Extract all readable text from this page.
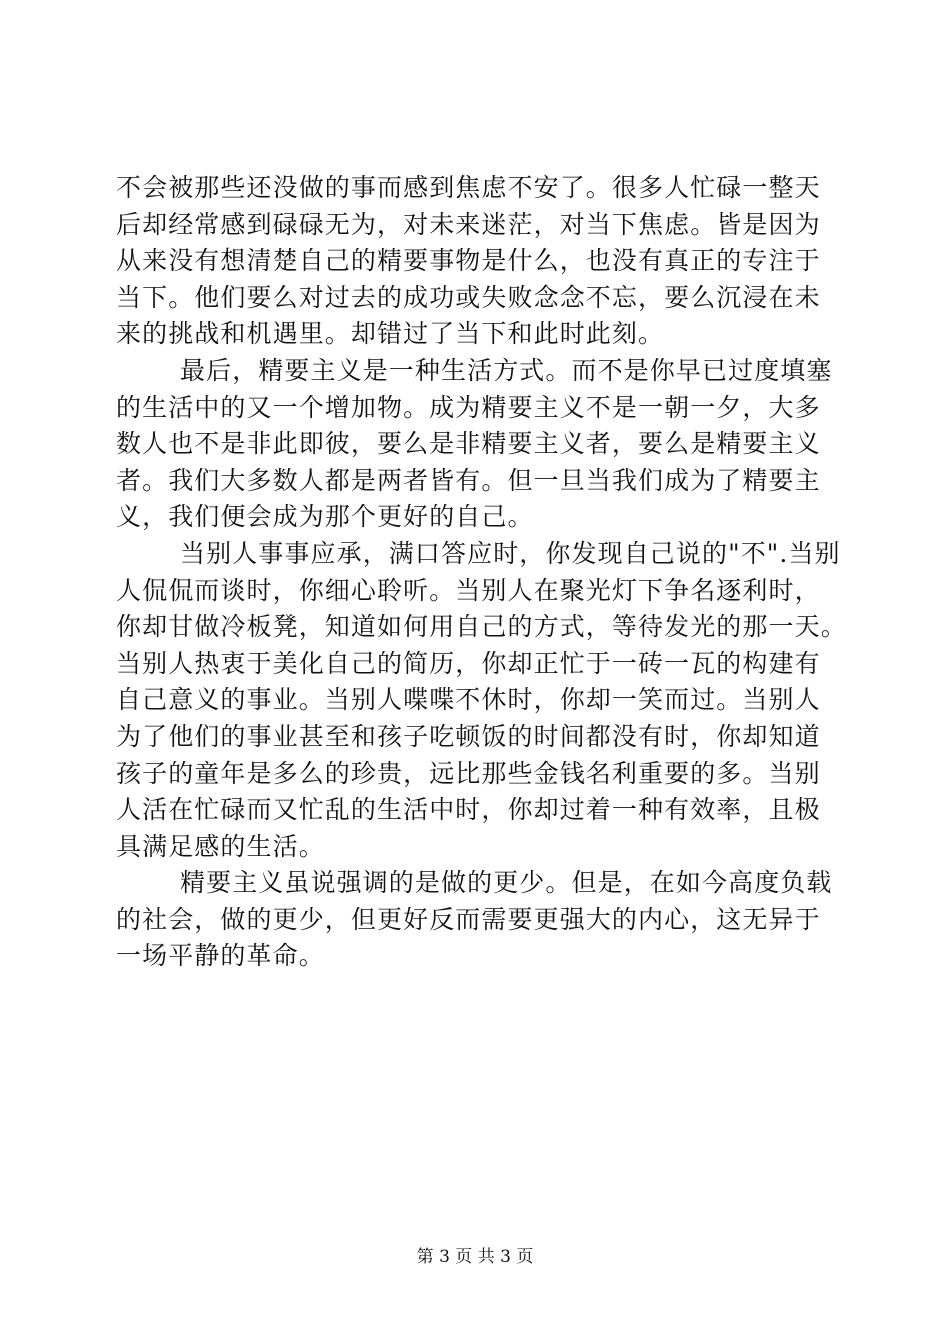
不会被那些还没做的事而感到焦虑不安了。很多人忙碌一整天
后却经常感到碌碌无为，对未来迷茫，对当下焦虑。皆是因为
从来没有想清楚自己的精要事物是什么，也没有真正的专注于
当下。他们要么对过去的成功或失败念念不忘，要么沉浸在未
来的挑战和机遇里。却错过了当下和此时此刻。
最后，精要主义是一种生活方式。而不是你早已过度填塞
的生活中的又一个增加物。成为精要主义不是一朝一夕，大多
数人也不是非此即彼，要么是非精要主义者，要么是精要主义
者。我们大多数人都是两者皆有。但一旦当我们成为了精要主
义，我们便会成为那个更好的自己。
当别人事事应承，满口答应时，你发现自己说的"不".当别
人侃侃而谈时，你细心聆听。当别人在聚光灯下争名逐利时，
你却甘做冷板凳，知道如何用自己的方式，等待发光的那一天。
当别人热衷于美化自己的简历，你却正忙于一砖一瓦的构建有
自己意义的事业。当别人喋喋不休时，你却一笑而过。当别人
为了他们的事业甚至和孩子吃顿饭的时间都没有时，你却知道
孩子的童年是多么的珍贵，远比那些金钱名利重要的多。当别
人活在忙碌而又忙乱的生活中时，你却过着一种有效率，且极
具满足感的生活。
精要主义虽说强调的是做的更少。但是，在如今高度负载
的社会，做的更少，但更好反而需要更强大的内心，这无异于
一场平静的革命。
第 3 页 共 3 页
